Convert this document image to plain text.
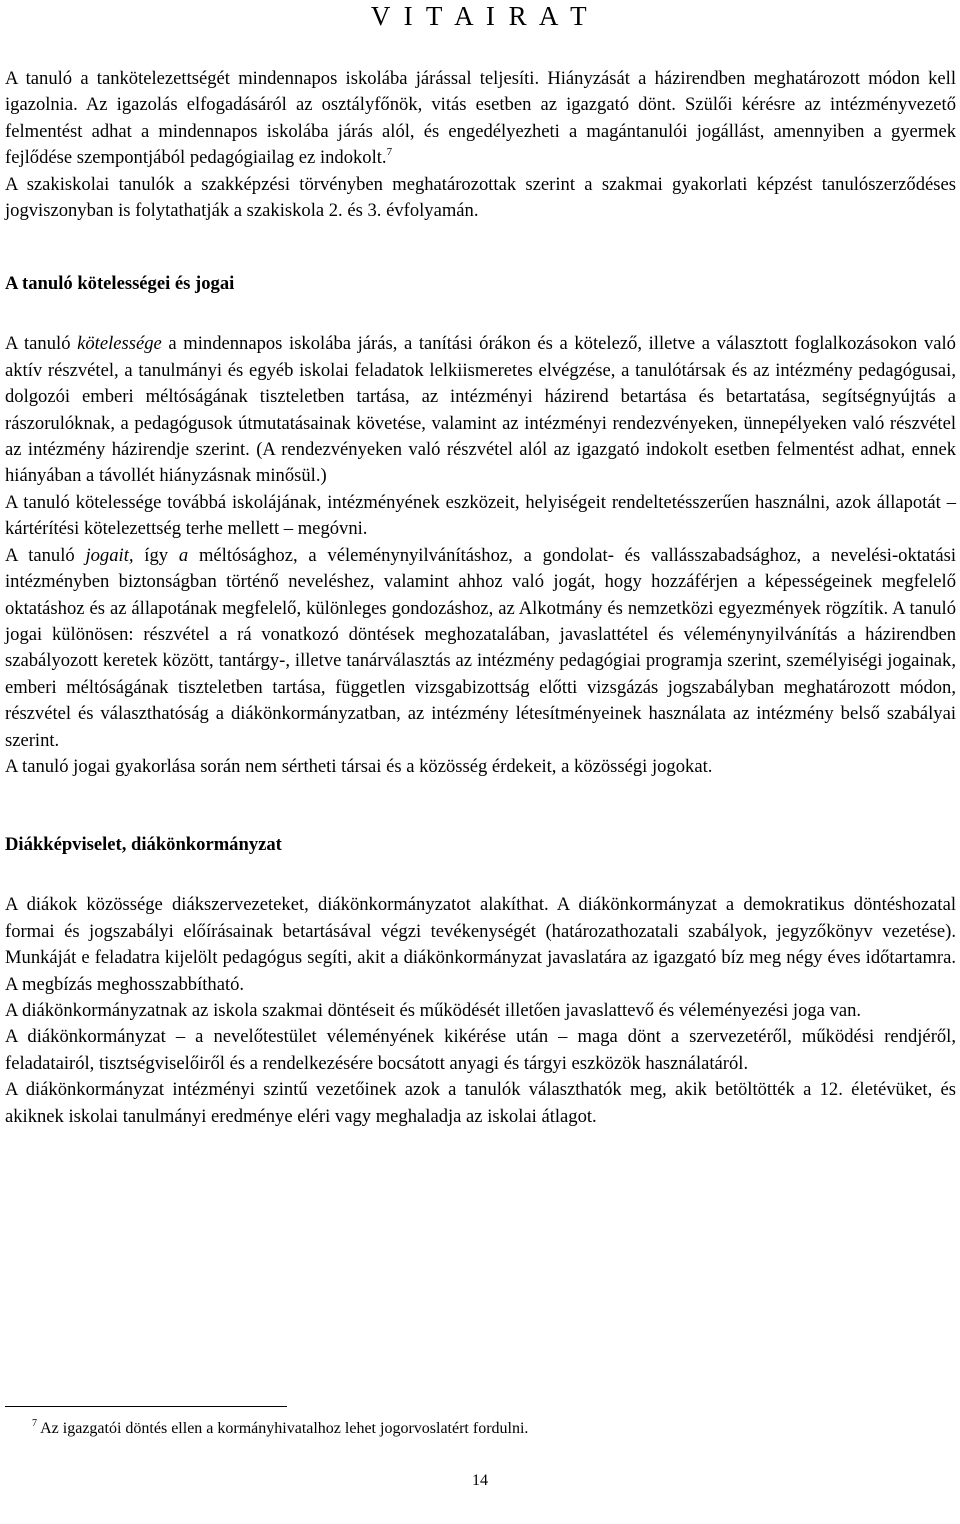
V I T A I R A T

A tanuló a tankötelezettségét mindennapos iskolába járással teljesíti. Hiányzását a házirendben meghatározott módon kell igazolnia. Az igazolás elfogadásáról az osztályfőnök, vitás esetben az igazgató dönt. Szülői kérésre az intézményvezető felmentést adhat a mindennapos iskolába járás alól, és engedélyezheti a magántanulói jogállást, amennyiben a gyermek fejlődése szempontjából pedagógiailag ez indokolt.$^7$

A szakiskolai tanulók a szakképzési törvényben meghatározottak szerint a szakmai gyakorlati képzést tanulószerződéses jogviszonyban is folytathatják a szakiskola 2. és 3. évfolyamán.

A tanuló kötelességei és jogai

A tanuló kötelessége a mindennapos iskolába járás, a tanítási órákon és a kötelező, illetve a választott foglalkozásokon való aktív részvétel, a tanulmányi és egyéb iskolai feladatok lelkiismeretes elvégzése, a tanulótársak és az intézmény pedagógusai, dolgozói emberi méltóságának tiszteletben tartása, az intézményi házirend betartása és betartatása, segítségnyújtás a rászorulóknak, a pedagógusok útmutatásainak követése, valamint az intézményi rendezvényeken, ünnepélyeken való részvétel az intézmény házirendje szerint. (A rendezvényeken való részvétel alól az igazgató indokolt esetben felmentést adhat, ennek hiányában a távollét hiányzásnak minősül.)

A tanuló kötelessége továbbá iskolájának, intézményének eszközeit, helyiségeit rendeltetésszerűen használni, azok állapotát – kártérítési kötelezettség terhe mellett – megóvni.

A tanuló jogait, így a méltósághoz, a véleménynyilvánításhoz, a gondolat- és vallásszabadsághoz, a nevelési-oktatási intézményben biztonságban történő neveléshez, valamint ahhoz való jogát, hogy hozzáférjen a képességeinek megfelelő oktatáshoz és az állapotának megfelelő, különleges gondozáshoz, az Alkotmány és nemzetközi egyezmények rögzítik. A tanuló jogai különösen: részvétel a rá vonatkozó döntések meghozatalában, javaslattétel és véleménynyilvánítás a házirendben szabályozott keretek között, tantárgy-, illetve tanárválasztás az intézmény pedagógiai programja szerint, személyiségi jogainak, emberi méltóságának tiszteletben tartása, független vizsgabizottság előtti vizsgázás jogszabályban meghatározott módon, részvétel és választhatóság a diákönkormányzatban, az intézmény létesítményeinek használata az intézmény belső szabályai szerint.

A tanuló jogai gyakorlása során nem sértheti társai és a közösség érdekeit, a közösségi jogokat.

Diákképviselet, diákönkormányzat

A diákok közössége diákszervezeteket, diákönkormányzatot alakíthat. A diákönkormányzat a demokratikus döntéshozatal formai és jogszabályi előírásainak betartásával végzi tevékenységét (határozathozatali szabályok, jegyzőkönyv vezetése). Munkáját e feladatra kijelölt pedagógus segíti, akit a diákönkormányzat javaslatára az igazgató bíz meg négy éves időtartamra. A megbízás meghosszabbítható.

A diákönkormányzatnak az iskola szakmai döntéseit és működését illetően javaslattevő és véleményezési joga van.

A diákönkormányzat – a nevelőtestület véleményének kikérése után – maga dönt a szervezetéről, működési rendjéről, feladatairól, tisztségviselőiről és a rendelkezésére bocsátott anyagi és tárgyi eszközök használatáról.

A diákönkormányzat intézményi szintű vezetőinek azok a tanulók választhatók meg, akik betöltötték a 12. életévüket, és akiknek iskolai tanulmányi eredménye eléri vagy meghaladja az iskolai átlagot.

$^7$ Az igazgatói döntés ellen a kormányhivatalhoz lehet jogorvoslatért fordulni.

14
